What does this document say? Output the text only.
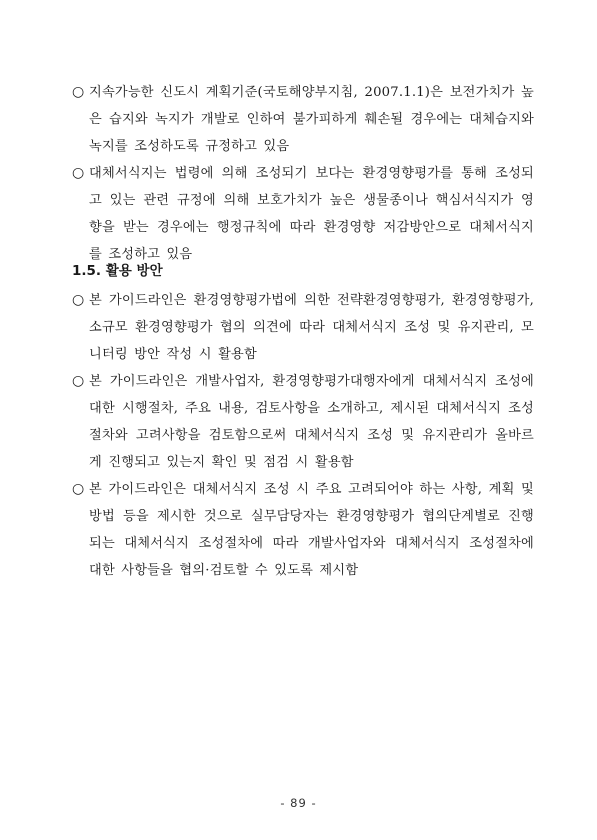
○ 지속가능한 신도시 계획기준(국토해양부지침, 2007.1.1)은 보전가치가 높은 습지와 녹지가 개발로 인하여 불가피하게 훼손될 경우에는 대체습지와 녹지를 조성하도록 규정하고 있음
○ 대체서식지는 법령에 의해 조성되기 보다는 환경영향평가를 통해 조성되고 있는 관련 규정에 의해 보호가치가 높은 생물종이나 핵심서식지가 영향을 받는 경우에는 행정규칙에 따라 환경영향 저감방안으로 대체서식지를 조성하고 있음
1.5. 활용 방안
○ 본 가이드라인은 환경영향평가법에 의한 전략환경영향평가, 환경영향평가, 소규모 환경영향평가 협의 의견에 따라 대체서식지 조성 및 유지관리, 모니터링 방안 작성 시 활용함
○ 본 가이드라인은 개발사업자, 환경영향평가대행자에게 대체서식지 조성에 대한 시행절차, 주요 내용, 검토사항을 소개하고, 제시된 대체서식지 조성절차와 고려사항을 검토함으로써 대체서식지 조성 및 유지관리가 올바르게 진행되고 있는지 확인 및 점검 시 활용함
○ 본 가이드라인은 대체서식지 조성 시 주요 고려되어야 하는 사항, 계획 및 방법 등을 제시한 것으로 실무담당자는 환경영향평가 협의단계별로 진행되는 대체서식지 조성절차에 따라 개발사업자와 대체서식지 조성절차에 대한 사항들을 협의·검토할 수 있도록 제시함
- 89 -
